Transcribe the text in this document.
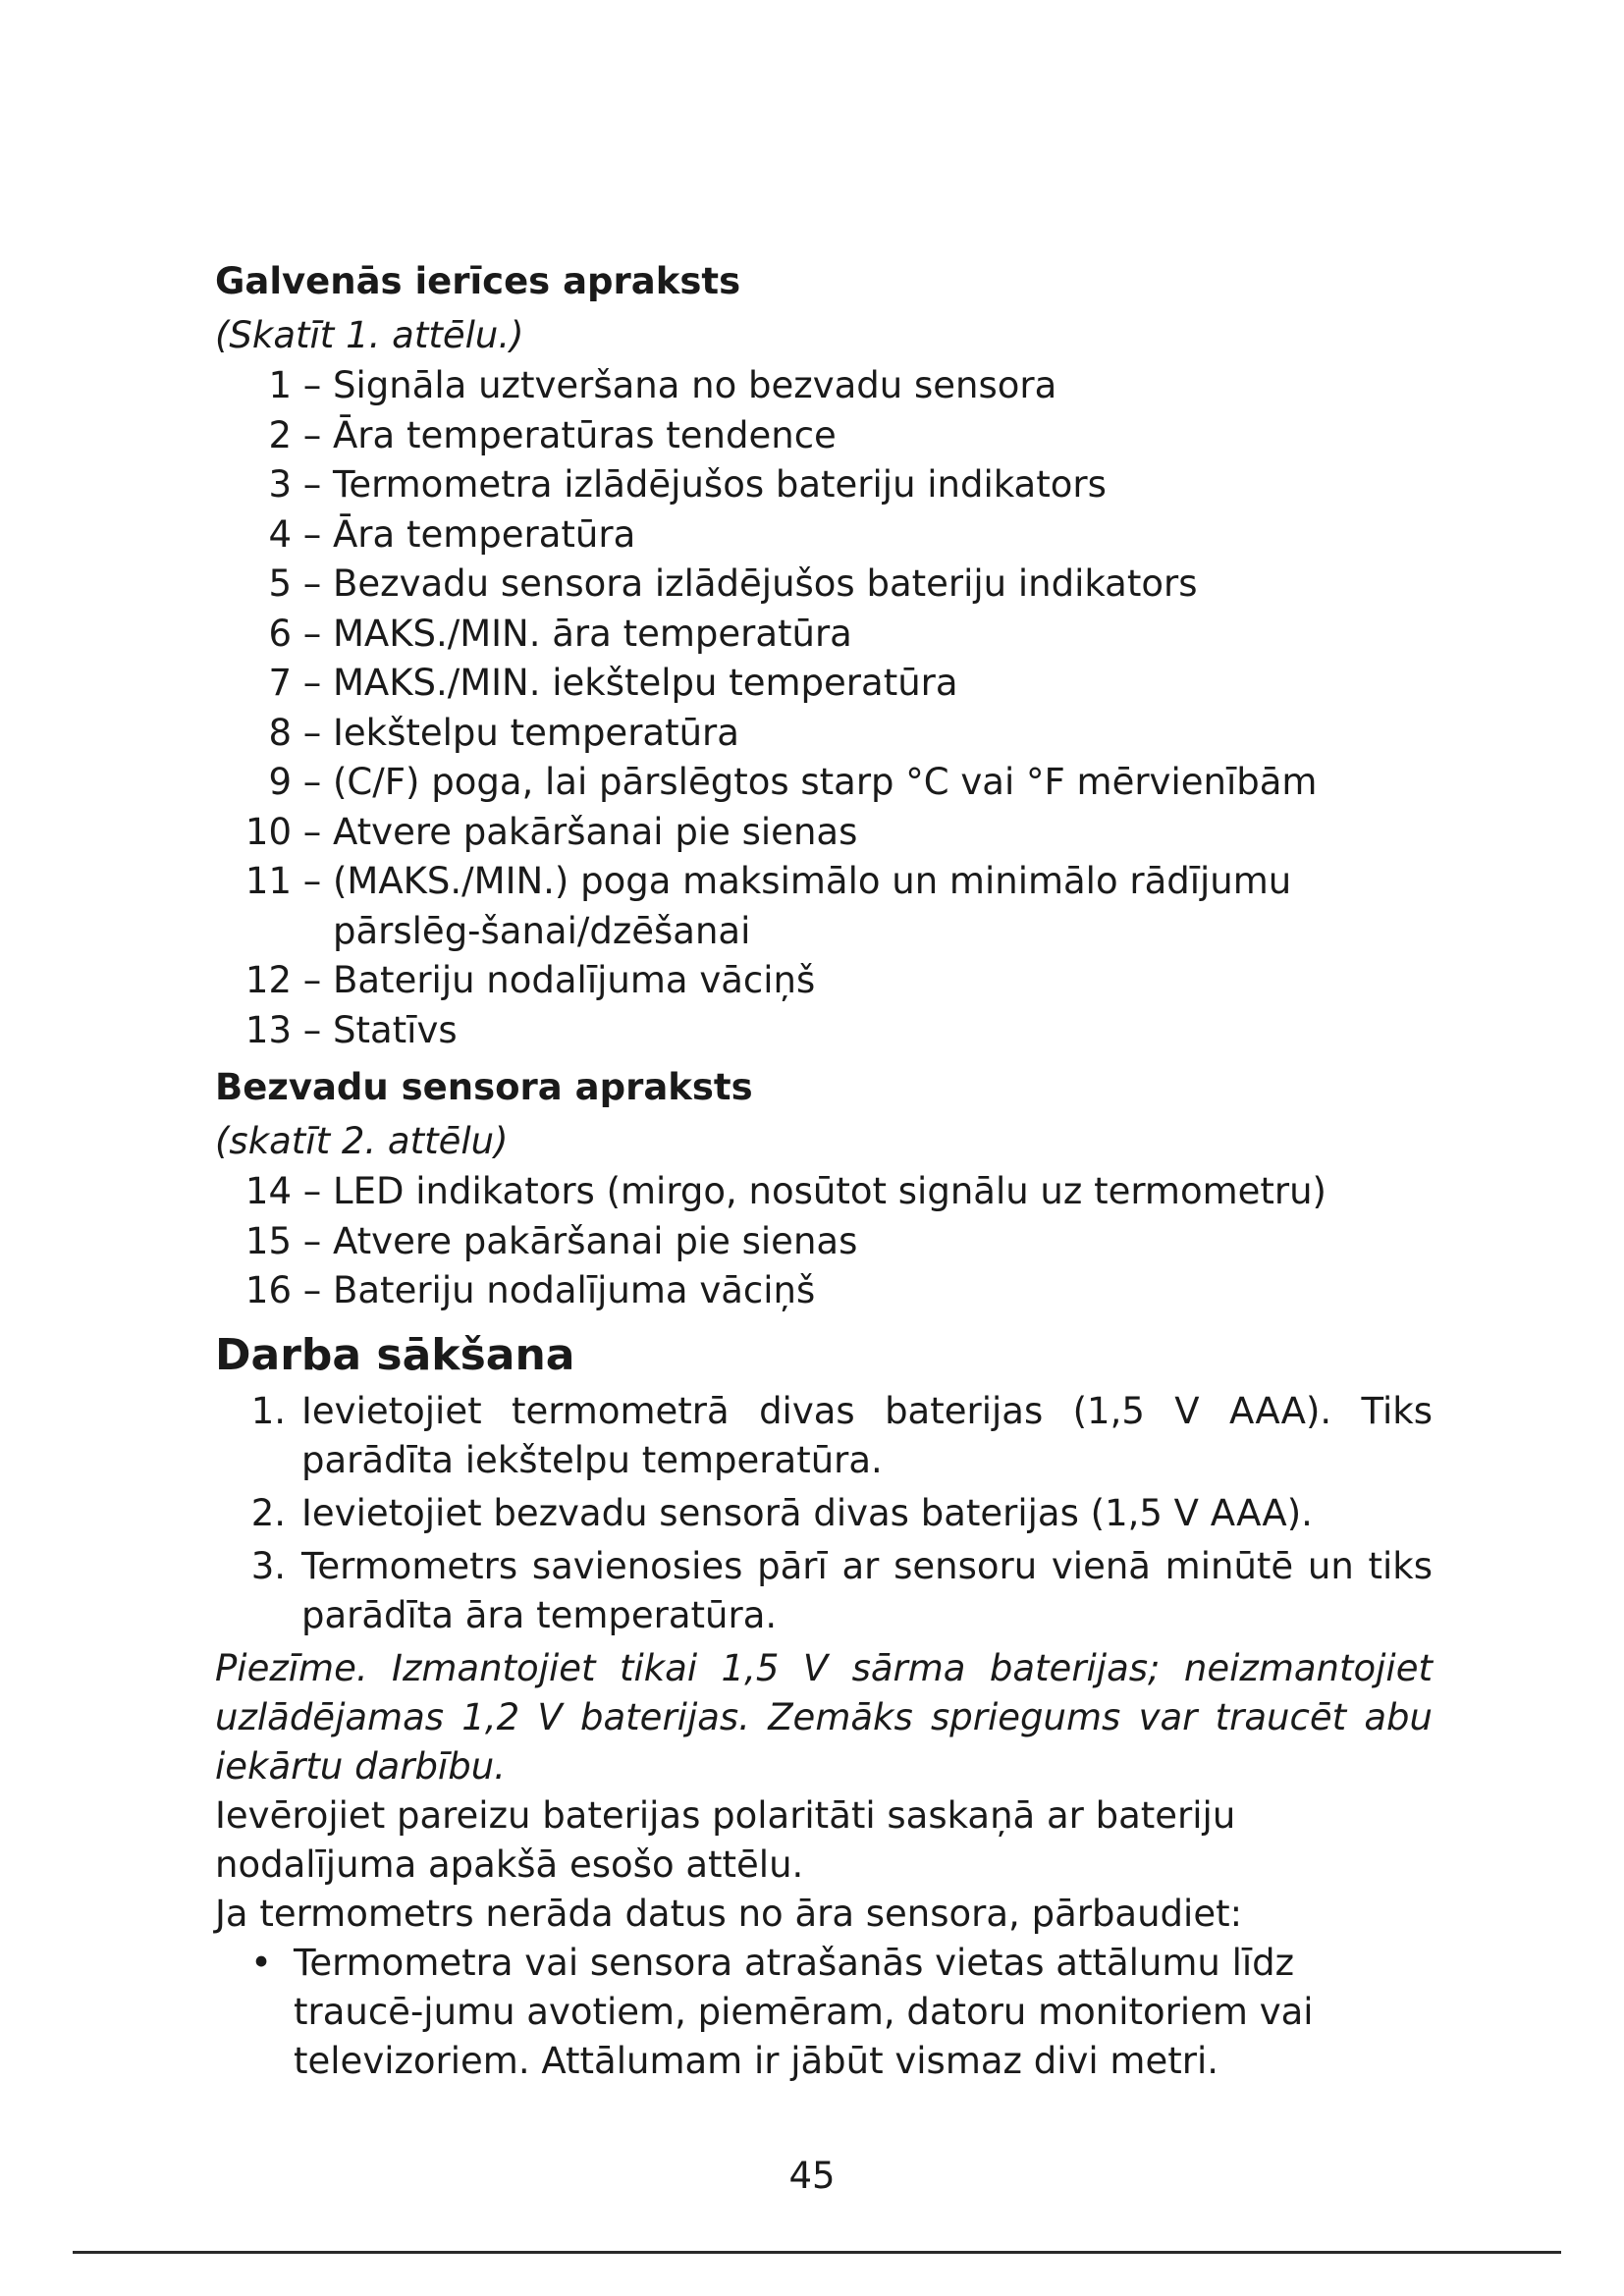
Galvenās ierīces apraksts
(Skatīt 1. attēlu.)
1 – Signāla uztveršana no bezvadu sensora
2 – Āra temperatūras tendence
3 – Termometra izlādējušos bateriju indikators
4 – Āra temperatūra
5 – Bezvadu sensora izlādējušos bateriju indikators
6 – MAKS./MIN. āra temperatūra
7 – MAKS./MIN. iekštelpu temperatūra
8 – Iekštelpu temperatūra
9 – (C/F) poga, lai pārslēgtos starp °C vai °F mērvienībām
10 – Atvere pakāršanai pie sienas
11 – (MAKS./MIN.) poga maksimālo un minimālo rādījumu pārslēg-šanai/dzēšanai
12 – Bateriju nodalījuma vāciņš
13 – Statīvs
Bezvadu sensora apraksts
(skatīt 2. attēlu)
14 – LED indikators (mirgo, nosūtot signālu uz termometru)
15 – Atvere pakāršanai pie sienas
16 – Bateriju nodalījuma vāciņš
Darba sākšana
1. Ievietojiet termometrā divas baterijas (1,5 V AAA). Tiks parādīta iekštelpu temperatūra.
2. Ievietojiet bezvadu sensorā divas baterijas (1,5 V AAA).
3. Termometrs savienosies pārī ar sensoru vienā minūtē un tiks parādīta āra temperatūra.
Piezīme. Izmantojiet tikai 1,5 V sārma baterijas; neizmantojiet uzlādējamas 1,2 V baterijas. Zemāks spriegums var traucēt abu iekārtu darbību.
Ievērojiet pareizu baterijas polaritāti saskaņā ar bateriju nodalījuma apakšā esošo attēlu.
Ja termometrs nerāda datus no āra sensora, pārbaudiet:
• Termometra vai sensora atrašanās vietas attālumu līdz traucē-jumu avotiem, piemēram, datoru monitoriem vai televizoriem. Attālumam ir jābūt vismaz divi metri.
45
